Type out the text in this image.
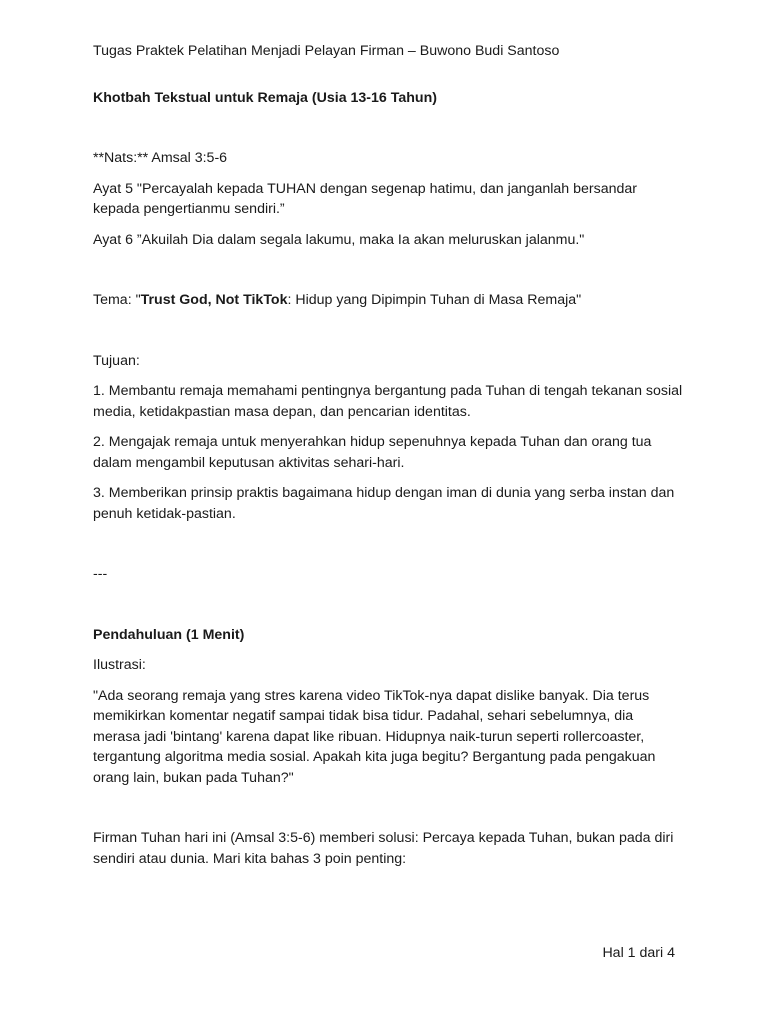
Tugas Praktek Pelatihan Menjadi Pelayan Firman – Buwono Budi Santoso

Khotbah Tekstual untuk Remaja (Usia 13-16 Tahun)

**Nats:** Amsal 3:5-6

Ayat 5 "Percayalah kepada TUHAN dengan segenap hatimu, dan janganlah bersandar kepada pengertianmu sendiri.”

Ayat 6 ”Akuilah Dia dalam segala lakumu, maka Ia akan meluruskan jalanmu."

Tema: "Trust God, Not TikTok: Hidup yang Dipimpin Tuhan di Masa Remaja"

Tujuan:

1. Membantu remaja memahami pentingnya bergantung pada Tuhan di tengah tekanan sosial media, ketidakpastian masa depan, dan pencarian identitas.

2. Mengajak remaja untuk menyerahkan hidup sepenuhnya kepada Tuhan dan orang tua dalam mengambil keputusan aktivitas sehari-hari.

3. Memberikan prinsip praktis bagaimana hidup dengan iman di dunia yang serba instan dan penuh ketidak-pastian.

---

Pendahuluan (1 Menit)

Ilustrasi:

"Ada seorang remaja yang stres karena video TikTok-nya dapat dislike banyak. Dia terus memikirkan komentar negatif sampai tidak bisa tidur. Padahal, sehari sebelumnya, dia merasa jadi 'bintang' karena dapat like ribuan. Hidupnya naik-turun seperti rollercoaster, tergantung algoritma media sosial. Apakah kita juga begitu? Bergantung pada pengakuan orang lain, bukan pada Tuhan?"

Firman Tuhan hari ini (Amsal 3:5-6) memberi solusi: Percaya kepada Tuhan, bukan pada diri sendiri atau dunia. Mari kita bahas 3 poin penting:

Hal 1 dari 4
